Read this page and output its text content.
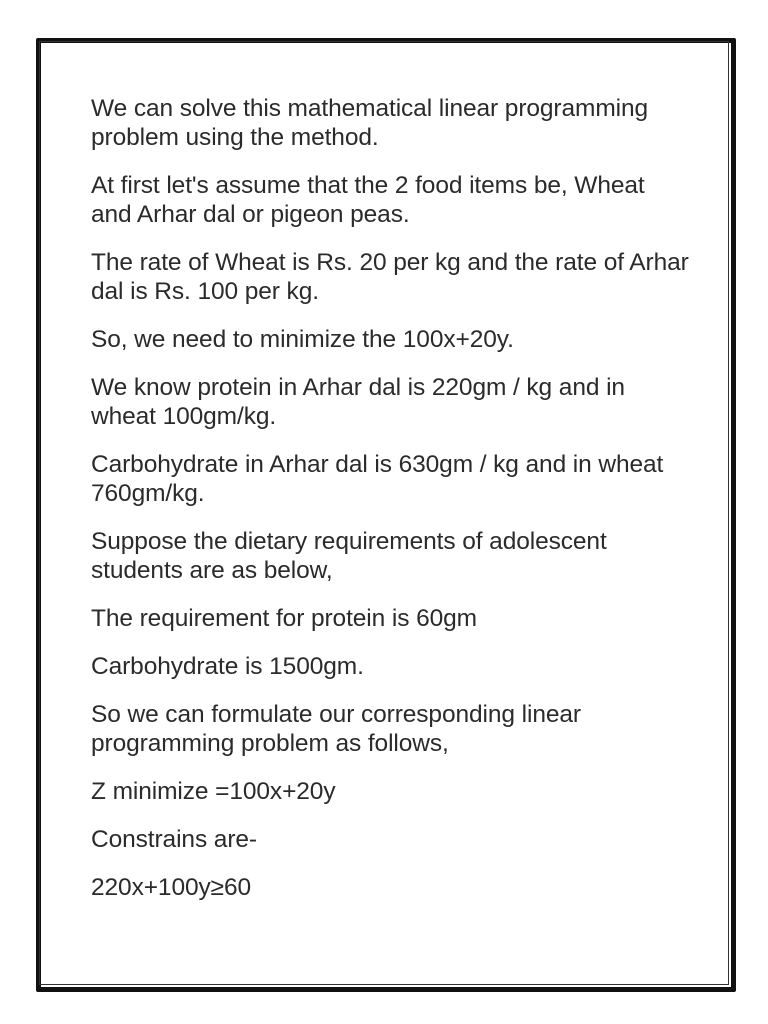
We can solve this mathematical linear programming problem using the method.

At first let's assume that the 2 food items be, Wheat and Arhar dal or pigeon peas.

The rate of Wheat is Rs. 20 per kg and the rate of Arhar dal is Rs. 100 per kg.

So, we need to minimize the 100x+20y.

We know protein in Arhar dal is 220gm / kg and in wheat 100gm/kg.

Carbohydrate in Arhar dal is 630gm / kg and in wheat 760gm/kg.

Suppose the dietary requirements of adolescent students are as below,

The requirement for protein is 60gm

Carbohydrate is 1500gm.

So we can formulate our corresponding linear programming problem as follows,

Z minimize =100x+20y

Constrains are-

220x+100y≥60
